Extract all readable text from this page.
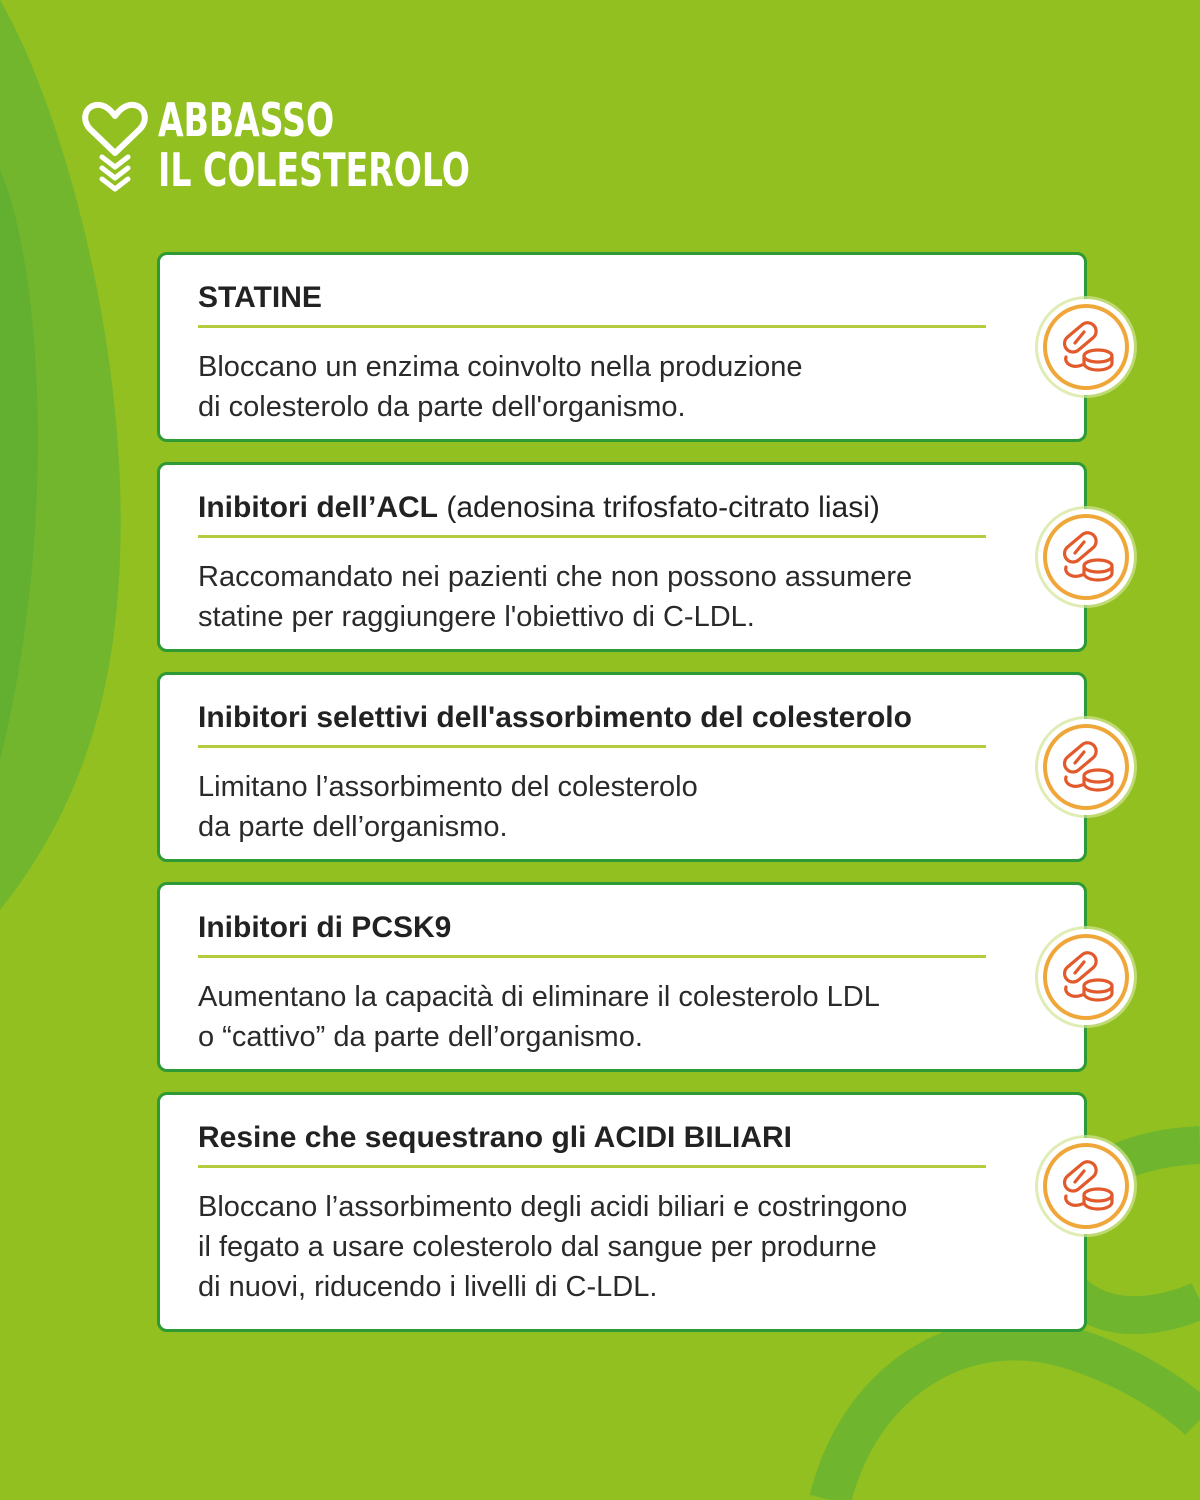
ABBASSO
IL COLESTEROLO
STATINE

Bloccano un enzima coinvolto nella produzione
di colesterolo da parte dell'organismo.

Inibitori dell’ACL (adenosina trifosfato-citrato liasi)

Raccomandato nei pazienti che non possono assumere
statine per raggiungere l'obiettivo di C-LDL.

Inibitori selettivi dell'assorbimento del colesterolo

Limitano l’assorbimento del colesterolo
da parte dell’organismo.

Inibitori di PCSK9

Aumentano la capacità di eliminare il colesterolo LDL
o “cattivo” da parte dell’organismo.

Resine che sequestrano gli ACIDI BILIARI

Bloccano l’assorbimento degli acidi biliari e costringono
il fegato a usare colesterolo dal sangue per produrne
di nuovi, riducendo i livelli di C-LDL.
